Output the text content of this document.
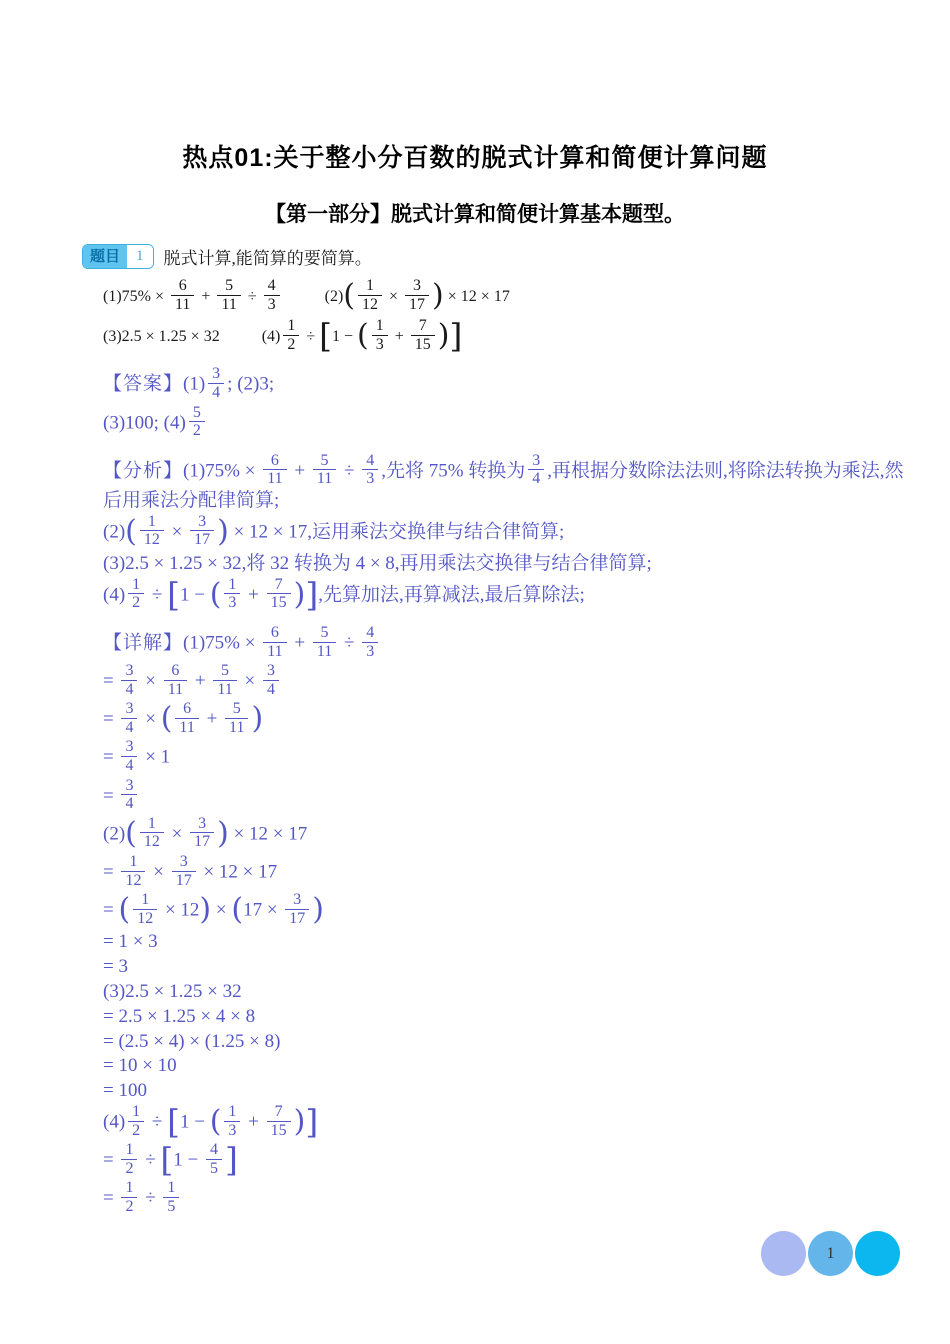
热点01:关于整小分百数的脱式计算和简便计算问题
【第一部分】脱式计算和简便计算基本题型。
题目	1	脱式计算,能简算的要简算。
$(1)75\% \times \frac{6}{11} + \frac{5}{11} \div \frac{4}{3}$	$(2)( \frac{1}{12} \times \frac{3}{17}$ ) × 12 × 17
(3)2.5 × 1.25 × 32	$(4) \frac{1}{2} \div [1$ − ( $\frac{1}{3} + \frac{7}{15}$ )]
【答案】$(1) \frac{3}{4}$ ; (2)3;
(3)100; $(4) \frac{5}{2}$
【分析】$(1)75\% \times \frac{6}{11} + \frac{5}{11} \div \frac{4}{3}$ ,先将 75% 转换为 $\frac{3}{4}$ ,再根据分数除法法则,将除法转换为乘法,然后用乘法分配律简算;
$(2)( \frac{1}{12} \times \frac{3}{17}$ ) × 12 × 17,运用乘法交换律与结合律简算;
(3)2.5 × 1.25 × 32,将 32 转换为 4 × 8,再用乘法交换律与结合律简算;
$(4) \frac{1}{2} \div [1$ − ( $\frac{1}{3} + \frac{7}{15}$ )],先算加法,再算减法,最后算除法;
【详解】$(1)75\% \times \frac{6}{11} + \frac{5}{11} \div \frac{4}{3}$
= $\frac{3}{4} \times \frac{6}{11} + \frac{5}{11} \times \frac{3}{4}$
= $\frac{3}{4}$ × ( $\frac{6}{11} + \frac{5}{11}$ )
= $\frac{3}{4} \times 1$
= $\frac{3}{4}$
$(2)( \frac{1}{12} \times \frac{3}{17}$ ) × 12 × 17
= $\frac{1}{12} \times \frac{3}{17} \times 12 \times 17$
= ( $\frac{1}{12} \times 12) \times (17 \times \frac{3}{17}$ )
= 1 × 3
= 3
(3)2.5 × 1.25 × 32
= 2.5 × 1.25 × 4 × 8
= (2.5 × 4) × (1.25 × 8)
= 10 × 10
= 100
$(4) \frac{1}{2} \div [1$ − ( $\frac{1}{3} + \frac{7}{15}$ )]
= $\frac{1}{2} \div [1 - \frac{4}{5}$ ]
= $\frac{1}{2} \div \frac{1}{5}$
1
